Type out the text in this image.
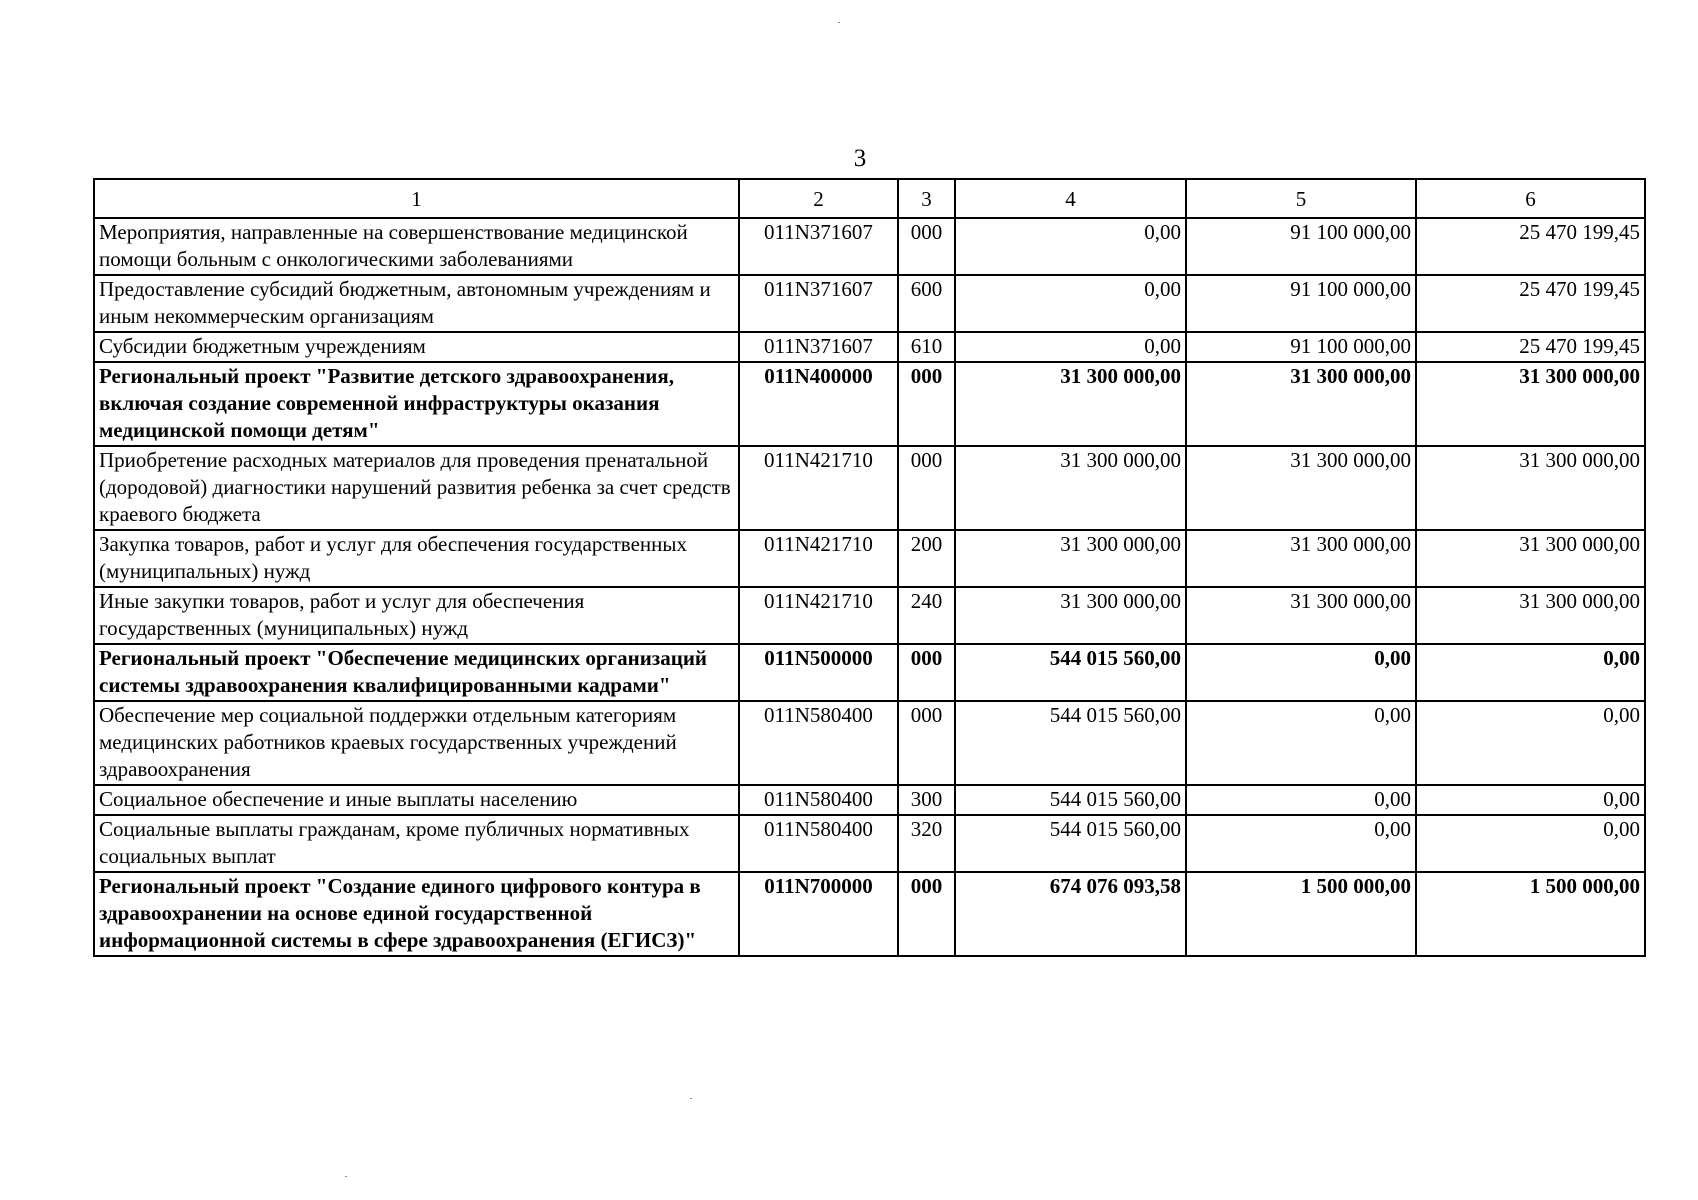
3
1	2	3	4	5	6
Мероприятия, направленные на совершенствование медицинской помощи больным с онкологическими заболеваниями	011N371607	000	0,00	91 100 000,00	25 470 199,45
Предоставление субсидий бюджетным, автономным учреждениям и иным некоммерческим организациям	011N371607	600	0,00	91 100 000,00	25 470 199,45
Субсидии бюджетным учреждениям	011N371607	610	0,00	91 100 000,00	25 470 199,45
Региональный проект "Развитие детского здравоохранения, включая создание современной инфраструктуры оказания медицинской помощи детям"	011N400000	000	31 300 000,00	31 300 000,00	31 300 000,00
Приобретение расходных материалов для проведения пренатальной (дородовой) диагностики нарушений развития ребенка за счет средств краевого бюджета	011N421710	000	31 300 000,00	31 300 000,00	31 300 000,00
Закупка товаров, работ и услуг для обеспечения государственных (муниципальных) нужд	011N421710	200	31 300 000,00	31 300 000,00	31 300 000,00
Иные закупки товаров, работ и услуг для обеспечения государственных (муниципальных) нужд	011N421710	240	31 300 000,00	31 300 000,00	31 300 000,00
Региональный проект "Обеспечение медицинских организаций системы здравоохранения квалифицированными кадрами"	011N500000	000	544 015 560,00	0,00	0,00
Обеспечение мер социальной поддержки отдельным категориям медицинских работников краевых государственных учреждений здравоохранения	011N580400	000	544 015 560,00	0,00	0,00
Социальное обеспечение и иные выплаты населению	011N580400	300	544 015 560,00	0,00	0,00
Социальные выплаты гражданам, кроме публичных нормативных социальных выплат	011N580400	320	544 015 560,00	0,00	0,00
Региональный проект "Создание единого цифрового контура в здравоохранении на основе единой государственной информационной системы в сфере здравоохранения (ЕГИСЗ)"	011N700000	000	674 076 093,58	1 500 000,00	1 500 000,00
